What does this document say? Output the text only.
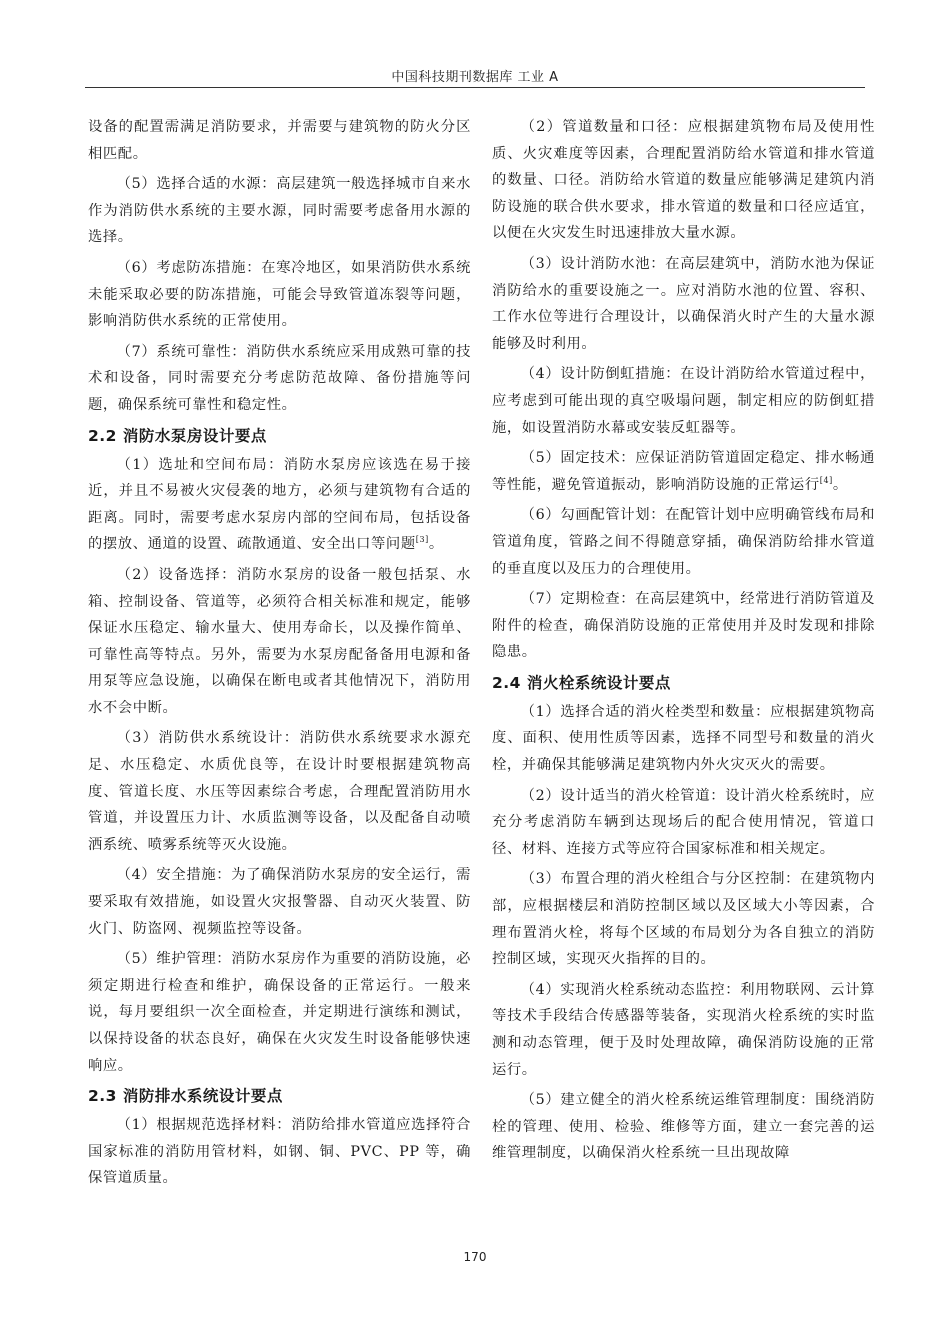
中国科技期刊数据库 工业 A

设备的配置需满足消防要求，并需要与建筑物的防火分区相匹配。

（5）选择合适的水源：高层建筑一般选择城市自来水作为消防供水系统的主要水源，同时需要考虑备用水源的选择。

（6）考虑防冻措施：在寒冷地区，如果消防供水系统未能采取必要的防冻措施，可能会导致管道冻裂等问题，影响消防供水系统的正常使用。

（7）系统可靠性：消防供水系统应采用成熟可靠的技术和设备，同时需要充分考虑防范故障、备份措施等问题，确保系统可靠性和稳定性。

2.2 消防水泵房设计要点

（1）选址和空间布局：消防水泵房应该选在易于接近，并且不易被火灾侵袭的地方，必须与建筑物有合适的距离。同时，需要考虑水泵房内部的空间布局，包括设备的摆放、通道的设置、疏散通道、安全出口等问题[3]。

（2）设备选择：消防水泵房的设备一般包括泵、水箱、控制设备、管道等，必须符合相关标准和规定，能够保证水压稳定、输水量大、使用寿命长，以及操作简单、可靠性高等特点。另外，需要为水泵房配备备用电源和备用泵等应急设施，以确保在断电或者其他情况下，消防用水不会中断。

（3）消防供水系统设计：消防供水系统要求水源充足、水压稳定、水质优良等，在设计时要根据建筑物高度、管道长度、水压等因素综合考虑，合理配置消防用水管道，并设置压力计、水质监测等设备，以及配备自动喷洒系统、喷雾系统等灭火设施。

（4）安全措施：为了确保消防水泵房的安全运行，需要采取有效措施，如设置火灾报警器、自动灭火装置、防火门、防盗网、视频监控等设备。

（5）维护管理：消防水泵房作为重要的消防设施，必须定期进行检查和维护，确保设备的正常运行。一般来说，每月要组织一次全面检查，并定期进行演练和测试，以保持设备的状态良好，确保在火灾发生时设备能够快速响应。

2.3 消防排水系统设计要点

（1）根据规范选择材料：消防给排水管道应选择符合国家标准的消防用管材料，如钢、铜、PVC、PP 等，确保管道质量。

（2）管道数量和口径：应根据建筑物布局及使用性质、火灾难度等因素，合理配置消防给水管道和排水管道的数量、口径。消防给水管道的数量应能够满足建筑内消防设施的联合供水要求，排水管道的数量和口径应适宜，以便在火灾发生时迅速排放大量水源。

（3）设计消防水池：在高层建筑中，消防水池为保证消防给水的重要设施之一。应对消防水池的位置、容积、工作水位等进行合理设计，以确保消火时产生的大量水源能够及时利用。

（4）设计防倒虹措施：在设计消防给水管道过程中，应考虑到可能出现的真空吸塌问题，制定相应的防倒虹措施，如设置消防水幕或安装反虹器等。

（5）固定技术：应保证消防管道固定稳定、排水畅通等性能，避免管道振动，影响消防设施的正常运行[4]。

（6）勾画配管计划：在配管计划中应明确管线布局和管道角度，管路之间不得随意穿插，确保消防给排水管道的垂直度以及压力的合理使用。

（7）定期检查：在高层建筑中，经常进行消防管道及附件的检查，确保消防设施的正常使用并及时发现和排除隐患。

2.4 消火栓系统设计要点

（1）选择合适的消火栓类型和数量：应根据建筑物高度、面积、使用性质等因素，选择不同型号和数量的消火栓，并确保其能够满足建筑物内外火灾灭火的需要。

（2）设计适当的消火栓管道：设计消火栓系统时，应充分考虑消防车辆到达现场后的配合使用情况，管道口径、材料、连接方式等应符合国家标准和相关规定。

（3）布置合理的消火栓组合与分区控制：在建筑物内部，应根据楼层和消防控制区域以及区域大小等因素，合理布置消火栓，将每个区域的布局划分为各自独立的消防控制区域，实现灭火指挥的目的。

（4）实现消火栓系统动态监控：利用物联网、云计算等技术手段结合传感器等装备，实现消火栓系统的实时监测和动态管理，便于及时处理故障，确保消防设施的正常运行。

（5）建立健全的消火栓系统运维管理制度：围绕消防栓的管理、使用、检验、维修等方面，建立一套完善的运维管理制度，以确保消火栓系统一旦出现故障

170
